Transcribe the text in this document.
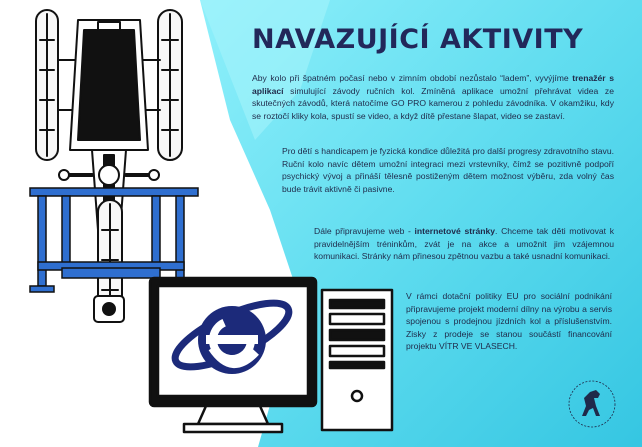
NAVAZUJÍCÍ AKTIVITY

Aby kolo při špatném počasí nebo v zimním období nezůstalo “ladem”, vyvýjíme trenažér s aplikací simulující závody ručních kol. Zmíněná aplikace umožní přehrávat videa ze skutečných závodů, která natočíme GO PRO kamerou z pohledu závodníka. V okamžiku, kdy se roztočí kliky kola, spustí se video, a když dítě přestane šlapat, video se zastaví.

Pro dětí s handicapem je fyzická kondice důležitá pro další progresy zdravotního stavu. Ruční kolo navíc dětem umožní integraci mezi vrstevníky, čímž se pozitivně podpoří psychický vývoj a přináší tělesně postiženým dětem možnost výběru, zda volný čas bude trávit aktivně či pasivne.

Dále připravujeme web - internetové stránky. Chceme tak děti motivovat k pravidelnějším tréninkům, zvát je na akce a umožnit jim vzájemnou komunikaci. Stránky nám přinesou zpětnou vazbu a také usnadní komunikaci.

V rámci dotační politiky EU pro sociální podnikání připravujeme projekt moderní dílny na výrobu a servis spojenou s prodejnou jízdních kol a příslušenstvím. Zisky z prodeje se stanou součástí financování projektu VÍTR VE VLASECH.
